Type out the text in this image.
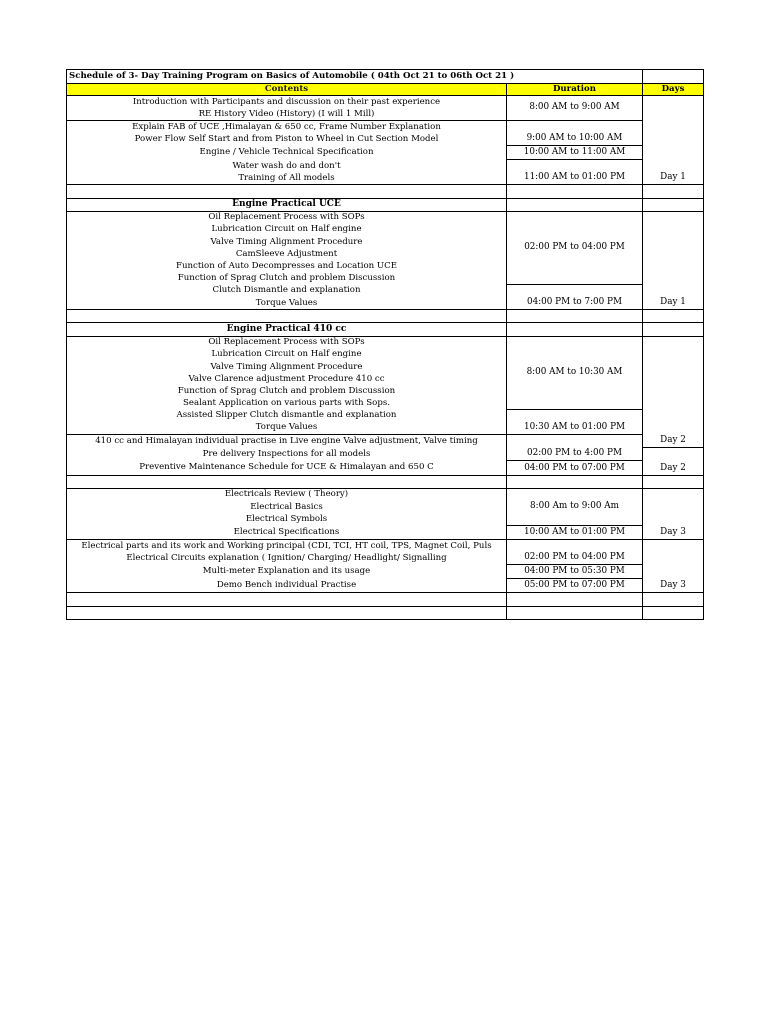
Schedule of 3- Day Training Program on Basics of Automobile ( 04th Oct 21 to 06th Oct 21 )		
Contents	Duration	Days
Introduction with Participants and discussion on their past experience	8:00 AM to 9:00 AM	Day 1
RE History Video (History) (I will 1 Mill)		
Explain FAB of UCE ,Himalayan & 650 cc, Frame Number Explanation	9:00 AM to 10:00 AM	
Power Flow Self Start and from Piston to Wheel in Cut Section Model		
Engine / Vehicle Technical Specification	10:00 AM to 11:00 AM	
Water wash do and don't	11:00 AM to 01:00 PM	
Training of All models		

Engine Practical UCE		
Oil Replacement Process with SOPs	02:00 PM to 04:00 PM	Day 1
Lubrication Circuit on Half engine		
Valve Timing Alignment Procedure		
CamSleeve Adjustment		
Function of Auto Decompresses and Location UCE		
Function of Sprag Clutch and problem Discussion		
Clutch Dismantle and explanation	04:00 PM to 7:00 PM	
Torque Values		

Engine Practical 410 cc		
Oil Replacement Process with SOPs	8:00 AM to 10:30 AM	Day 2
Lubrication Circuit on Half engine		
Valve Timing Alignment Procedure		
Valve Clarence adjustment Procedure 410 cc		
Function of Sprag Clutch and problem Discussion		
Sealant Application on various parts with Sops.		
Assisted Slipper Clutch dismantle and explanation	10:30 AM to 01:00 PM	
Torque Values		
410 cc and Himalayan individual practise in Live engine Valve adjustment, Valve timing	02:00 PM to 4:00 PM	
Pre delivery Inspections for all models		
Preventive Maintenance Schedule for UCE & Himalayan and 650 C	04:00 PM to 07:00 PM	Day 2

Electricals Review ( Theory)	8:00 Am to 9:00 Am	Day 3
Electrical Basics		
Electrical Symbols		
Electrical Specifications	10:00 AM to 01:00 PM	
Electrical parts and its work and Working principal (CDI, TCI, HT coil, TPS, Magnet Coil, Puls	02:00 PM to 04:00 PM	Day 3
Electrical Circuits explanation ( Ignition/ Charging/ Headlight/ Signalling		
Multi-meter Explanation and its usage	04:00 PM to 05:30 PM	
Demo Bench individual Practise	05:00 PM to 07:00 PM	
